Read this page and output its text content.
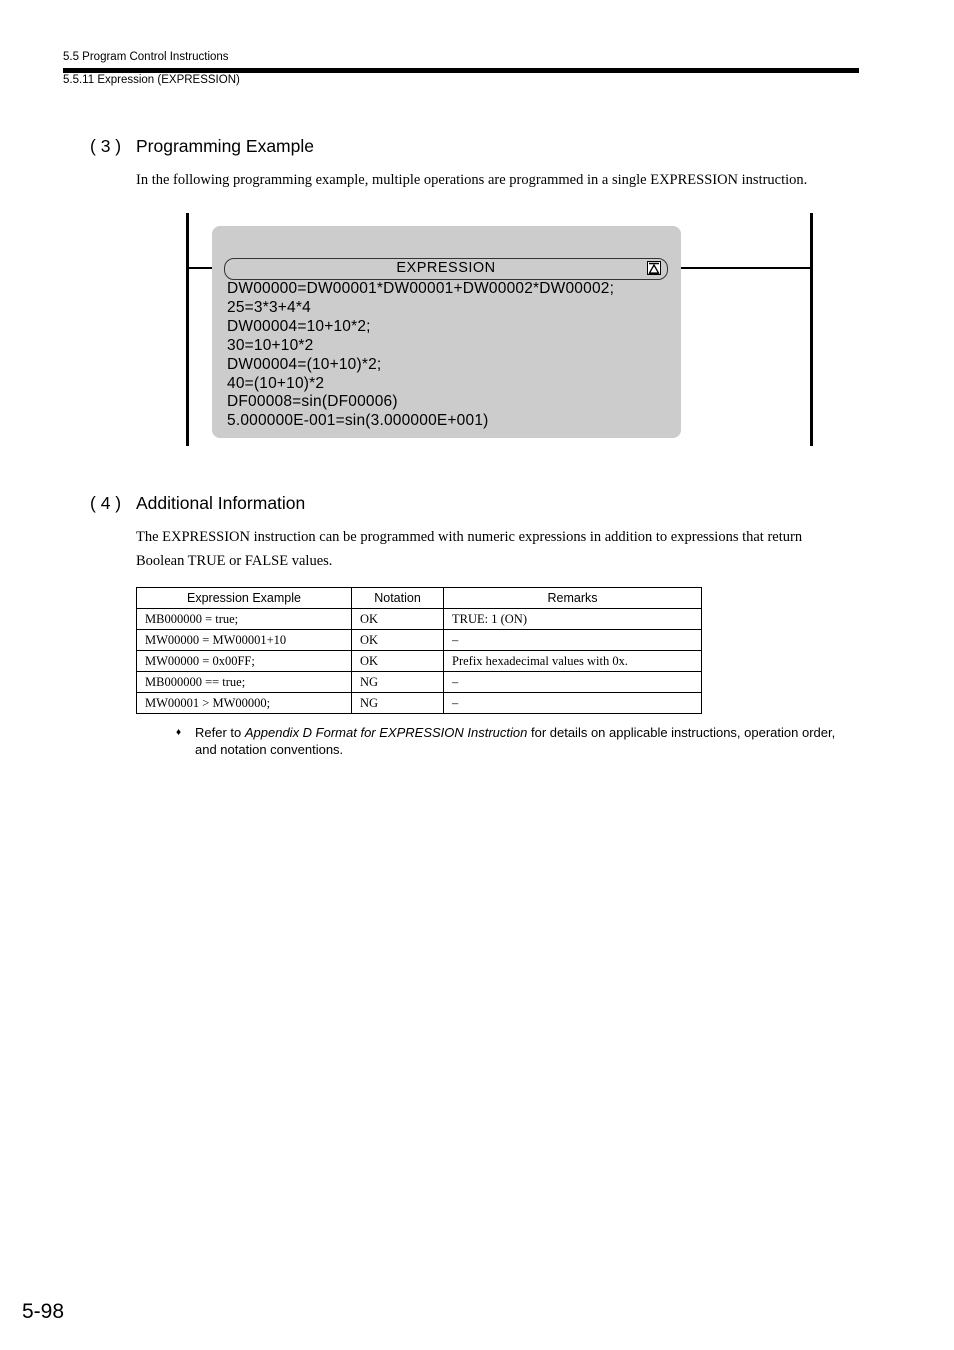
5.5 Program Control Instructions
5.5.11 Expression (EXPRESSION)
( 3 ) Programming Example
In the following programming example, multiple operations are programmed in a single EXPRESSION instruction.
EXPRESSION
DW00000=DW00001*DW00001+DW00002*DW00002;
25=3*3+4*4
DW00004=10+10*2;
30=10+10*2
DW00004=(10+10)*2;
40=(10+10)*2
DF00008=sin(DF00006)
5.000000E-001=sin(3.000000E+001)
( 4 ) Additional Information
The EXPRESSION instruction can be programmed with numeric expressions in addition to expressions that return Boolean TRUE or FALSE values.
Expression Example	Notation	Remarks
MB000000 = true;	OK	TRUE: 1 (ON)
MW00000 = MW00001+10	OK	–
MW00000 = 0x00FF;	OK	Prefix hexadecimal values with 0x.
MB000000 == true;	NG	–
MW00001 > MW00000;	NG	–
♦ Refer to Appendix D Format for EXPRESSION Instruction for details on applicable instructions, operation order, and notation conventions.
5-98
